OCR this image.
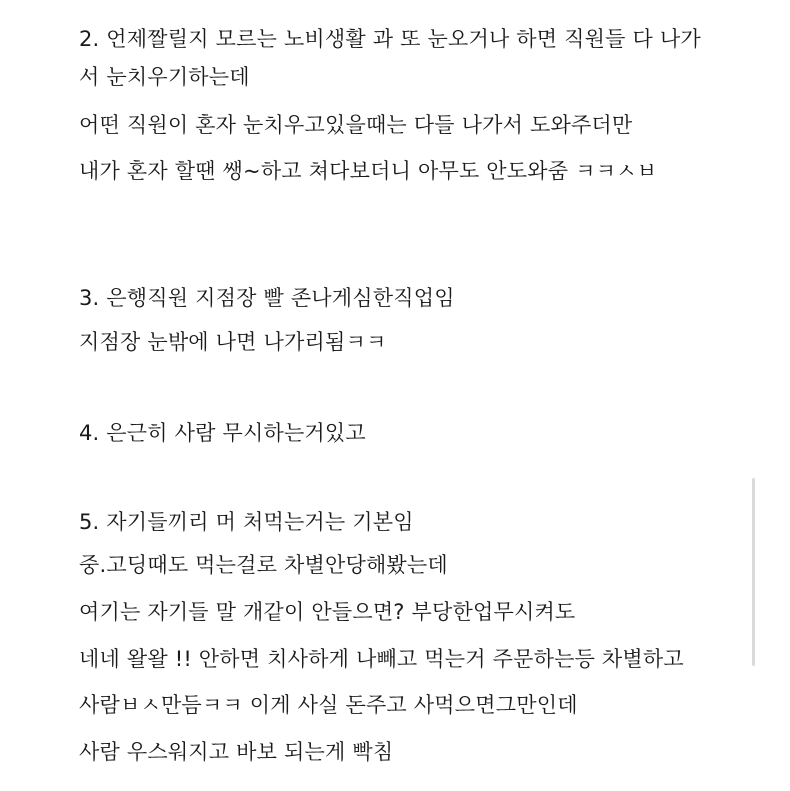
2. 언제짤릴지 모르는 노비생활 과 또 눈오거나 하면 직원들 다 나가

서 눈치우기하는데

어떤 직원이 혼자 눈치우고있을때는 다들 나가서 도와주더만

내가 혼자 할땐 쌩~하고 쳐다보더니 아무도 안도와줌 ㅋㅋㅅㅂ

3. 은행직원 지점장 빨 존나게심한직업임

지점장 눈밖에 나면 나가리됨ㅋㅋ

4. 은근히 사람 무시하는거있고

5. 자기들끼리 머 처먹는거는 기본임

중.고딩때도 먹는걸로 차별안당해봤는데

여기는 자기들 말 개같이 안들으면? 부당한업무시켜도

네네 왈왈 !! 안하면 치사하게 나빼고 먹는거 주문하는등 차별하고

사람ㅂㅅ만듬ㅋㅋ 이게 사실 돈주고 사먹으면그만인데

사람 우스워지고 바보 되는게 빡침
